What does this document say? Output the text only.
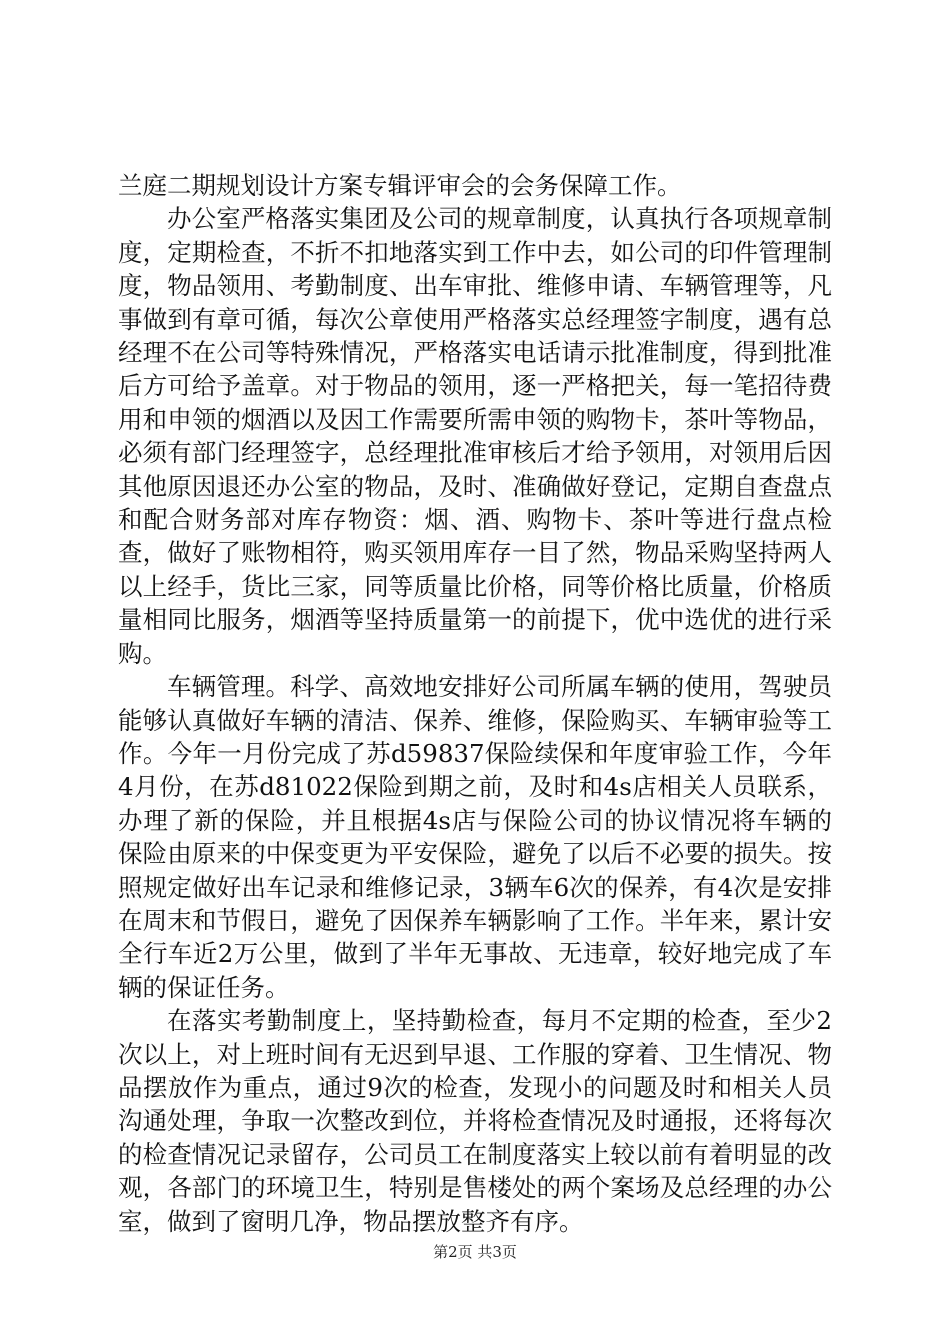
兰庭二期规划设计方案专辑评审会的会务保障工作。

办公室严格落实集团及公司的规章制度，认真执行各项规章制度，定期检查，不折不扣地落实到工作中去，如公司的印件管理制度，物品领用、考勤制度、出车审批、维修申请、车辆管理等，凡事做到有章可循，每次公章使用严格落实总经理签字制度，遇有总经理不在公司等特殊情况，严格落实电话请示批准制度，得到批准后方可给予盖章。对于物品的领用，逐一严格把关，每一笔招待费用和申领的烟酒以及因工作需要所需申领的购物卡，茶叶等物品，必须有部门经理签字，总经理批准审核后才给予领用，对领用后因其他原因退还办公室的物品，及时、准确做好登记，定期自查盘点和配合财务部对库存物资：烟、酒、购物卡、茶叶等进行盘点检查，做好了账物相符，购买领用库存一目了然，物品采购坚持两人以上经手，货比三家，同等质量比价格，同等价格比质量，价格质量相同比服务，烟酒等坚持质量第一的前提下，优中选优的进行采购。

车辆管理。科学、高效地安排好公司所属车辆的使用，驾驶员能够认真做好车辆的清洁、保养、维修，保险购买、车辆审验等工作。今年一月份完成了苏d59837保险续保和年度审验工作，今年4月份，在苏d81022保险到期之前，及时和4s店相关人员联系，办理了新的保险，并且根据4s店与保险公司的协议情况将车辆的保险由原来的中保变更为平安保险，避免了以后不必要的损失。按照规定做好出车记录和维修记录，3辆车6次的保养，有4次是安排在周末和节假日，避免了因保养车辆影响了工作。半年来，累计安全行车近2万公里，做到了半年无事故、无违章，较好地完成了车辆的保证任务。

在落实考勤制度上，坚持勤检查，每月不定期的检查，至少2次以上，对上班时间有无迟到早退、工作服的穿着、卫生情况、物品摆放作为重点，通过9次的检查，发现小的问题及时和相关人员沟通处理，争取一次整改到位，并将检查情况及时通报，还将每次的检查情况记录留存，公司员工在制度落实上较以前有着明显的改观，各部门的环境卫生，特别是售楼处的两个案场及总经理的办公室，做到了窗明几净，物品摆放整齐有序。

第2页 共3页
